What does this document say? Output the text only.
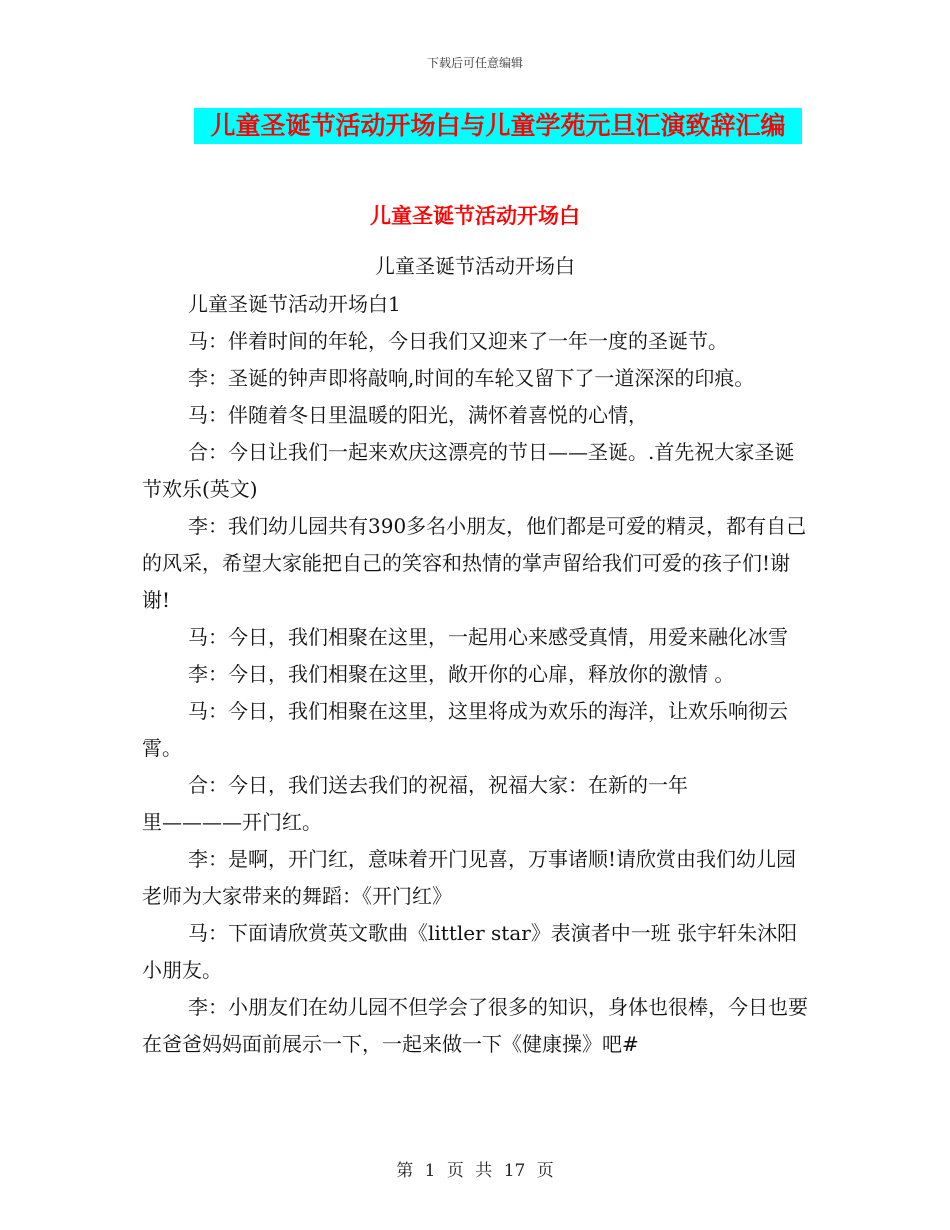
下载后可任意编辑
儿童圣诞节活动开场白与儿童学苑元旦汇演致辞汇编
儿童圣诞节活动开场白
儿童圣诞节活动开场白

儿童圣诞节活动开场白1

马：伴着时间的年轮，今日我们又迎来了一年一度的圣诞节。

李：圣诞的钟声即将敲响,时间的车轮又留下了一道深深的印痕。

马：伴随着冬日里温暖的阳光，满怀着喜悦的心情，

合：今日让我们一起来欢庆这漂亮的节日——圣诞。.首先祝大家圣诞节欢乐(英文)

李：我们幼儿园共有390多名小朋友，他们都是可爱的精灵，都有自己的风采，希望大家能把自己的笑容和热情的掌声留给我们可爱的孩子们!谢谢!

马：今日，我们相聚在这里，一起用心来感受真情，用爱来融化冰雪

李：今日，我们相聚在这里，敞开你的心扉，释放你的激情 。

马：今日，我们相聚在这里，这里将成为欢乐的海洋，让欢乐响彻云霄。

合：今日，我们送去我们的祝福，祝福大家：在新的一年

里————开门红。

李：是啊，开门红，意味着开门见喜，万事诸顺!请欣赏由我们幼儿园老师为大家带来的舞蹈：《开门红》

马：下面请欣赏英文歌曲《littler star》表演者中一班 张宇轩朱沐阳小朋友。

李：小朋友们在幼儿园不但学会了很多的知识，身体也很棒，今日也要在爸爸妈妈面前展示一下，一起来做一下《健康操》吧#

第 1 页 共 17 页
